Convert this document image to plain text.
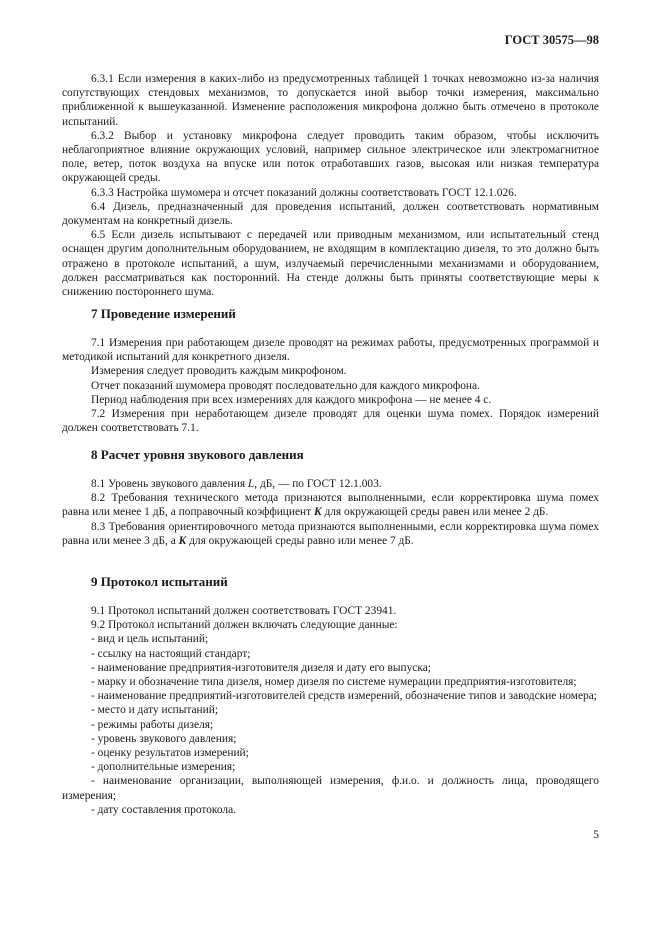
ГОСТ 30575—98

6.3.1 Если измерения в каких-либо из предусмотренных таблицей 1 точках невозможно из-за наличия сопутствующих стендовых механизмов, то допускается иной выбор точки измерения, максимально приближенной к вышеуказанной. Изменение расположения микрофона должно быть отмечено в протоколе испытаний.

6.3.2 Выбор и установку микрофона следует проводить таким образом, чтобы исключить неблагоприятное влияние окружающих условий, например сильное электрическое или электромагнитное поле, ветер, поток воздуха на впуске или поток отработавших газов, высокая или низкая температура окружающей среды.

6.3.3 Настройка шумомера и отсчет показаний должны соответствовать ГОСТ 12.1.026.

6.4 Дизель, предназначенный для проведения испытаний, должен соответствовать нормативным документам на конкретный дизель.

6.5 Если дизель испытывают с передачей или приводным механизмом, или испытательный стенд оснащен другим дополнительным оборудованием, не входящим в комплектацию дизеля, то это должно быть отражено в протоколе испытаний, а шум, излучаемый перечисленными механизмами и оборудованием, должен рассматриваться как посторонний. На стенде должны быть приняты соответствующие меры к снижению постороннего шума.

7 Проведение измерений

7.1 Измерения при работающем дизеле проводят на режимах работы, предусмотренных программой и методикой испытаний для конкретного дизеля.

Измерения следует проводить каждым микрофоном.

Отчет показаний шумомера проводят последовательно для каждого микрофона.

Период наблюдения при всех измерениях для каждого микрофона — не менее 4 с.

7.2 Измерения при неработающем дизеле проводят для оценки шума помех. Порядок измерений должен соответствовать 7.1.

8 Расчет уровня звукового давления

8.1 Уровень звукового давления L, дБ, — по ГОСТ 12.1.003.

8.2 Требования технического метода признаются выполненными, если корректировка шума помех равна или менее 1 дБ, а поправочный коэффициент K для окружающей среды равен или менее 2 дБ.

8.3 Требования ориентировочного метода признаются выполненными, если корректировка шума помех равна или менее 3 дБ, а K для окружающей среды равно или менее 7 дБ.

9 Протокол испытаний

9.1 Протокол испытаний должен соответствовать ГОСТ 23941.

9.2 Протокол испытаний должен включать следующие данные:

- вид и цель испытаний;

- ссылку на настоящий стандарт;

- наименование предприятия-изготовителя дизеля и дату его выпуска;

- марку и обозначение типа дизеля, номер дизеля по системе нумерации предприятия-изготовителя;

- наименование предприятий-изготовителей средств измерений, обозначение типов и заводские номера;

- место и дату испытаний;

- режимы работы дизеля;

- уровень звукового давления;

- оценку результатов измерений;

- дополнительные измерения;

- наименование организации, выполняющей измерения, ф.и.о. и должность лица, проводящего измерения;

- дату составления протокола.

5
